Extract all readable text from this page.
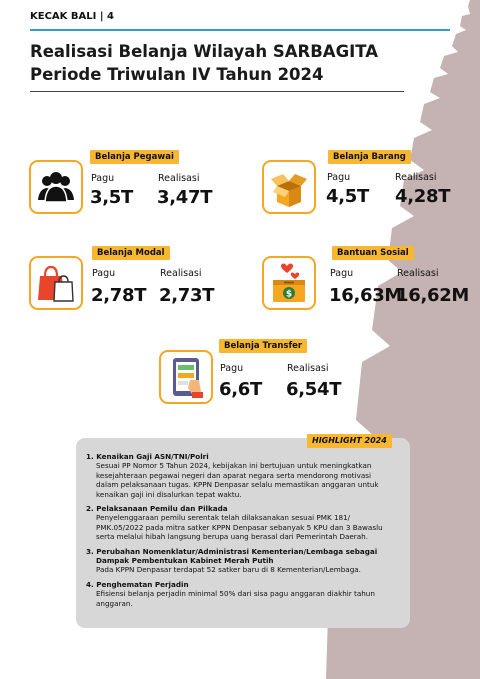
KECAK BALI | 4
Realisasi Belanja Wilayah SARBAGITA
Periode Triwulan IV Tahun 2024
Belanja Pegawai
Pagu	Realisasi
3,5T 3,47T
Belanja Barang
Pagu	Realisasi
4,5T 4,28T
Belanja Modal
Pagu	Realisasi
2,78T 2,73T
Bantuan Sosial
$
Pagu	Realisasi
16,63M
16,62M
Belanja Transfer
Pagu	Realisasi
6,6T 6,54T
HIGHLIGHT 2024
1. Kenaikan Gaji ASN/TNI/Polri
Sesuai PP Nomor 5 Tahun 2024, kebijakan ini bertujuan untuk meningkatkan
kesejahteraan pegawai negeri dan aparat negara serta mendorong motivasi
dalam pelaksanaan tugas. KPPN Denpasar selalu memastikan anggaran untuk
kenaikan gaji ini disalurkan tepat waktu.
2. Pelaksanaan Pemilu dan Pilkada
Penyelenggaraan pemilu serentak telah dilaksanakan sesuai PMK 181/
PMK.05/2022 pada mitra satker KPPN Denpasar sebanyak 5 KPU dan 3 Bawaslu
serta melalui hibah langsung berupa uang berasal dari Pemerintah Daerah.
3. Perubahan Nomenklatur/Administrasi Kementerian/Lembaga sebagai
Dampak Pembentukan Kabinet Merah Putih
Pada KPPN Denpasar terdapat 52 satker baru di 8 Kementerian/Lembaga.
4. Penghematan Perjadin
Efisiensi belanja perjadin minimal 50% dari sisa pagu anggaran diakhir tahun
anggaran.
